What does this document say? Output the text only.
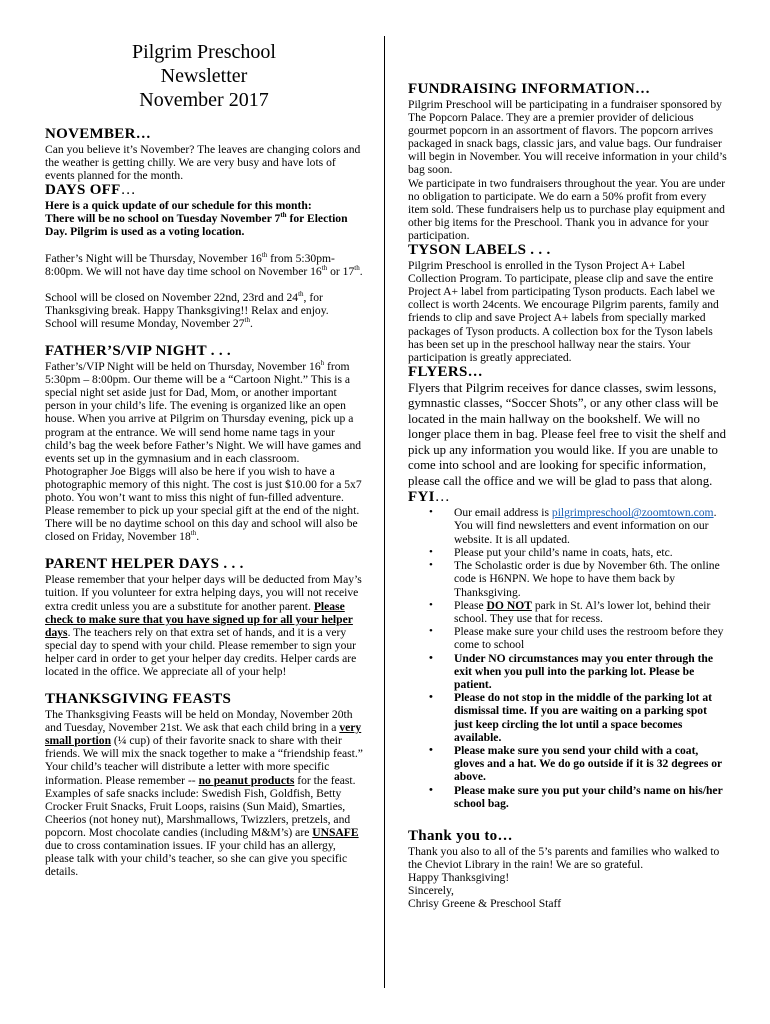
Pilgrim Preschool
Newsletter
November 2017
NOVEMBER…

Can you believe it’s November? The leaves are changing colors and the weather is getting chilly. We are very busy and have lots of events planned for the month.

DAYS OFF…

Here is a quick update of our schedule for this month:

There will be no school on Tuesday November 7th for Election Day. Pilgrim is used as a voting location.

Father’s Night will be Thursday, November 16th from 5:30pm-8:00pm. We will not have day time school on November 16th or 17th.

School will be closed on November 22nd, 23rd and 24th, for Thanksgiving break. Happy Thanksgiving!! Relax and enjoy. School will resume Monday, November 27th.

FATHER’S/VIP NIGHT . . .

Father’s/VIP Night will be held on Thursday, November 16$^h$ from 5:30pm – 8:00pm. Our theme will be a “Cartoon Night.” This is a special night set aside just for Dad, Mom, or another important person in your child’s life. The evening is organized like an open house. When you arrive at Pilgrim on Thursday evening, pick up a program at the entrance. We will send home name tags in your child’s bag the week before Father’s Night. We will have games and events set up in the gymnasium and in each classroom. Photographer Joe Biggs will also be here if you wish to have a photographic memory of this night. The cost is just $10.00 for a 5x7 photo. You won’t want to miss this night of fun-filled adventure. Please remember to pick up your special gift at the end of the night. There will be no daytime school on this day and school will also be closed on Friday, November 18th.

PARENT HELPER DAYS . . .

Please remember that your helper days will be deducted from May’s tuition. If you volunteer for extra helping days, you will not receive extra credit unless you are a substitute for another parent. Please check to make sure that you have signed up for all your helper days. The teachers rely on that extra set of hands, and it is a very special day to spend with your child. Please remember to sign your helper card in order to get your helper day credits. Helper cards are located in the office. We appreciate all of your help!

THANKSGIVING FEASTS

The Thanksgiving Feasts will be held on Monday, November 20th and Tuesday, November 21st. We ask that each child bring in a very small portion (¼ cup) of their favorite snack to share with their friends. We will mix the snack together to make a “friendship feast.” Your child’s teacher will distribute a letter with more specific information. Please remember -- no peanut products for the feast. Examples of safe snacks include: Swedish Fish, Goldfish, Betty Crocker Fruit Snacks, Fruit Loops, raisins (Sun Maid), Smarties, Cheerios (not honey nut), Marshmallows, Twizzlers, pretzels, and popcorn. Most chocolate candies (including M&M’s) are UNSAFE due to cross contamination issues. IF your child has an allergy, please talk with your child’s teacher, so she can give you specific details.

FUNDRAISING INFORMATION…

Pilgrim Preschool will be participating in a fundraiser sponsored by The Popcorn Palace. They are a premier provider of delicious gourmet popcorn in an assortment of flavors. The popcorn arrives packaged in snack bags, classic jars, and value bags. Our fundraiser will begin in November. You will receive information in your child’s bag soon.

We participate in two fundraisers throughout the year. You are under no obligation to participate. We do earn a 50% profit from every item sold. These fundraisers help us to purchase play equipment and other big items for the Preschool. Thank you in advance for your participation.

TYSON LABELS . . .

Pilgrim Preschool is enrolled in the Tyson Project A+ Label Collection Program. To participate, please clip and save the entire Project A+ label from participating Tyson products. Each label we collect is worth 24cents. We encourage Pilgrim parents, family and friends to clip and save Project A+ labels from specially marked packages of Tyson products. A collection box for the Tyson labels has been set up in the preschool hallway near the stairs. Your participation is greatly appreciated.

FLYERS…

Flyers that Pilgrim receives for dance classes, swim lessons, gymnastic classes, “Soccer Shots”, or any other class will be located in the main hallway on the bookshelf. We will no longer place them in bag. Please feel free to visit the shelf and pick up any information you would like. If you are unable to come into school and are looking for specific information, please call the office and we will be glad to pass that along.

FYI…
• Our email address is pilgrimpreschool@zoomtown.com. You will find newsletters and event information on our website. It is all updated.
• Please put your child’s name in coats, hats, etc.
• The Scholastic order is due by November 6th. The online code is H6NPN. We hope to have them back by Thanksgiving.
• Please DO NOT park in St. Al’s lower lot, behind their school. They use that for recess.
• Please make sure your child uses the restroom before they come to school
• Under NO circumstances may you enter through the exit when you pull into the parking lot. Please be patient.
• Please do not stop in the middle of the parking lot at dismissal time. If you are waiting on a parking spot just keep circling the lot until a space becomes available.
• Please make sure you send your child with a coat, gloves and a hat. We do go outside if it is 32 degrees or above.
• Please make sure you put your child’s name on his/her school bag.
Thank you to…

Thank you also to all of the 5’s parents and families who walked to the Cheviot Library in the rain! We are so grateful.

Happy Thanksgiving!

Sincerely,

Chrisy Greene & Preschool Staff
